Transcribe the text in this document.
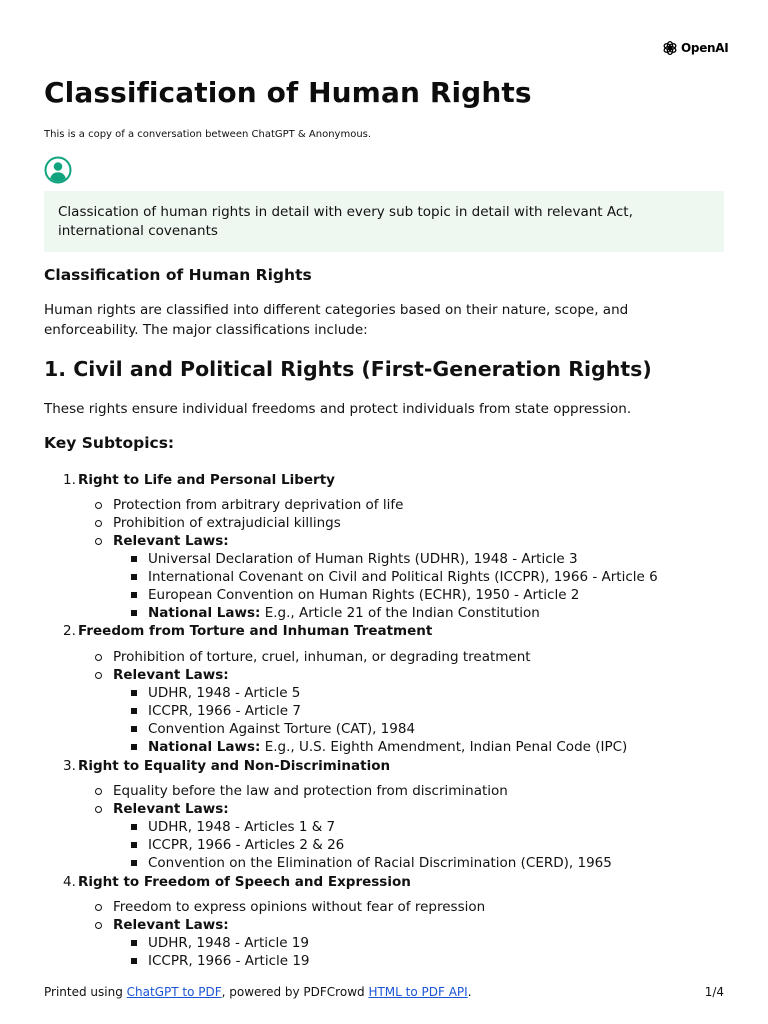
OpenAI
Classification of Human Rights
This is a copy of a conversation between ChatGPT & Anonymous.
Classication of human rights in detail with every sub topic in detail with relevant Act, international covenants
Classification of Human Rights
Human rights are classified into different categories based on their nature, scope, and enforceability. The major classifications include:
1. Civil and Political Rights (First-Generation Rights)
These rights ensure individual freedoms and protect individuals from state oppression.
Key Subtopics:
1. Right to Life and Personal Liberty
Protection from arbitrary deprivation of life
Prohibition of extrajudicial killings
Relevant Laws:
Universal Declaration of Human Rights (UDHR), 1948 - Article 3
International Covenant on Civil and Political Rights (ICCPR), 1966 - Article 6
European Convention on Human Rights (ECHR), 1950 - Article 2
National Laws: E.g., Article 21 of the Indian Constitution
2. Freedom from Torture and Inhuman Treatment
Prohibition of torture, cruel, inhuman, or degrading treatment
Relevant Laws:
UDHR, 1948 - Article 5
ICCPR, 1966 - Article 7
Convention Against Torture (CAT), 1984
National Laws: E.g., U.S. Eighth Amendment, Indian Penal Code (IPC)
3. Right to Equality and Non-Discrimination
Equality before the law and protection from discrimination
Relevant Laws:
UDHR, 1948 - Articles 1 & 7
ICCPR, 1966 - Articles 2 & 26
Convention on the Elimination of Racial Discrimination (CERD), 1965
4. Right to Freedom of Speech and Expression
Freedom to express opinions without fear of repression
Relevant Laws:
UDHR, 1948 - Article 19
ICCPR, 1966 - Article 19
Printed using ChatGPT to PDF, powered by PDFCrowd HTML to PDF API.	1/4
